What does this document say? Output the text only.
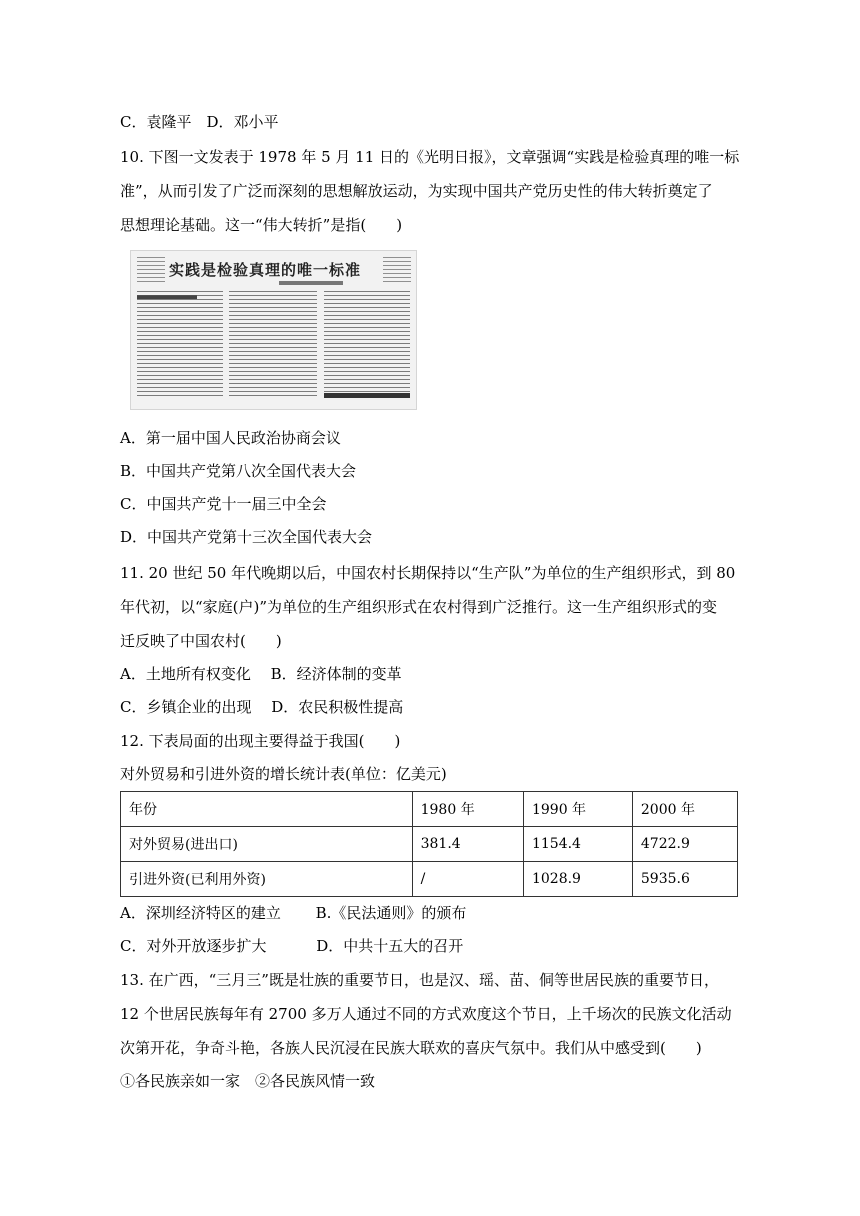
C．袁隆平　D．邓小平
10. 下图一文发表于 1978 年 5 月 11 日的《光明日报》，文章强调“实践是检验真理的唯一标
准”，从而引发了广泛而深刻的思想解放运动，为实现中国共产党历史性的伟大转折奠定了
思想理论基础。这一“伟大转折”是指(　　)
实践是检验真理的唯一标准
A．第一届中国人民政治协商会议
B．中国共产党第八次全国代表大会
C．中国共产党十一届三中全会
D．中国共产党第十三次全国代表大会
11. 20 世纪 50 年代晚期以后，中国农村长期保持以“生产队”为单位的生产组织形式，到 80
年代初，以“家庭(户)”为单位的生产组织形式在农村得到广泛推行。这一生产组织形式的变
迁反映了中国农村(　　)
A．土地所有权变化　 B．经济体制的变革
C．乡镇企业的出现　 D．农民积极性提高
12. 下表局面的出现主要得益于我国(　　)
对外贸易和引进外资的增长统计表(单位：亿美元)
年份	1980 年	1990 年	2000 年
对外贸易(进出口)	381.4	1154.4	4722.9
引进外资(已利用外资)	/	1028.9	5935.6
A．深圳经济特区的建立　　 B.《民法通则》的颁布
C．对外开放逐步扩大　　　 D．中共十五大的召开
13. 在广西，“三月三”既是壮族的重要节日，也是汉、瑶、苗、侗等世居民族的重要节日，
12 个世居民族每年有 2700 多万人通过不同的方式欢度这个节日，上千场次的民族文化活动
次第开花，争奇斗艳，各族人民沉浸在民族大联欢的喜庆气氛中。我们从中感受到(　　)
①各民族亲如一家　②各民族风情一致
